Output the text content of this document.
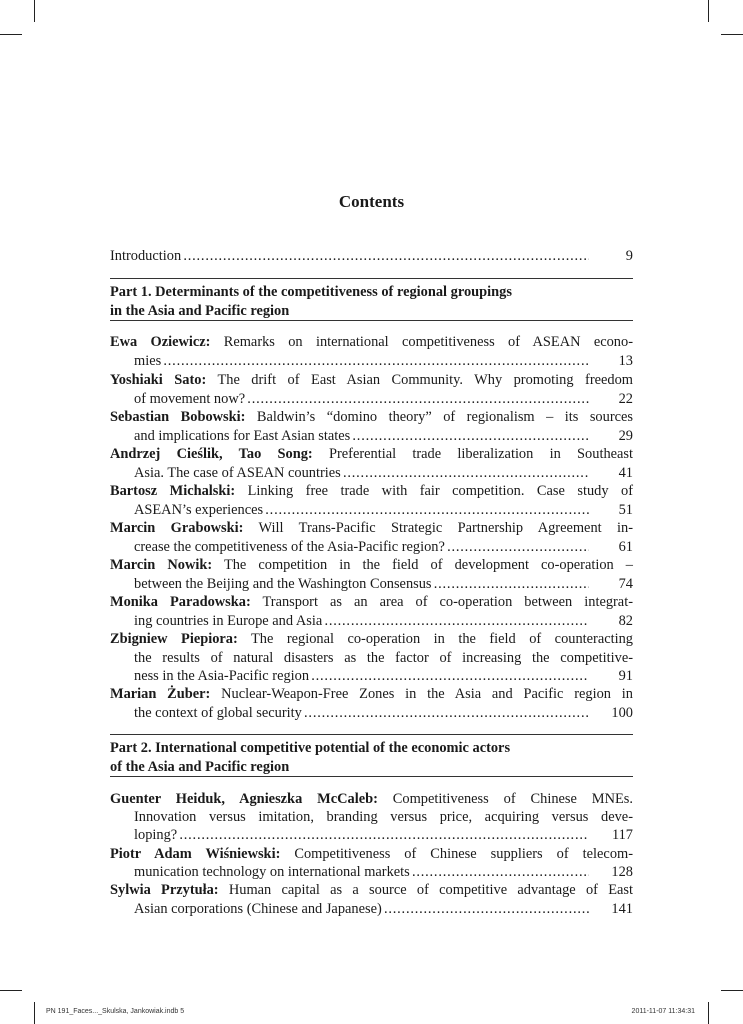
Contents
Introduction . . .	9
Part 1. Determinants of the competitiveness of regional groupings
in the Asia and Pacific region
Ewa Oziewicz: Remarks on international competitiveness of ASEAN econo-
mies . . .	13
Yoshiaki Sato: The drift of East Asian Community. Why promoting freedom
of movement now? . . .	22
Sebastian Bobowski: Baldwin’s “domino theory” of regionalism – its sources
and implications for East Asian states . . .	29
Andrzej Cieślik, Tao Song: Preferential trade liberalization in Southeast
Asia. The case of ASEAN countries . . .	41
Bartosz Michalski: Linking free trade with fair competition. Case study of
ASEAN’s experiences . . .	51
Marcin Grabowski: Will Trans-Pacific Strategic Partnership Agreement in-
crease the competitiveness of the Asia-Pacific region? . . .	61
Marcin Nowik: The competition in the field of development co-operation –
between the Beijing and the Washington Consensus . . .	74
Monika Paradowska: Transport as an area of co-operation between integrat-
ing countries in Europe and Asia . . .	82
Zbigniew Piepiora: The regional co-operation in the field of counteracting
the results of natural disasters as the factor of increasing the competitive-
ness in the Asia-Pacific region . . .	91
Marian Żuber: Nuclear-Weapon-Free Zones in the Asia and Pacific region in
the context of global security . . .	100
Part 2. International competitive potential of the economic actors
of the Asia and Pacific region
Guenter Heiduk, Agnieszka McCaleb: Competitiveness of Chinese MNEs.
Innovation versus imitation, branding versus price, acquiring versus deve-
loping? . . .	117
Piotr Adam Wiśniewski: Competitiveness of Chinese suppliers of telecom-
munication technology on international markets . . .	128
Sylwia Przytuła: Human capital as a source of competitive advantage of East
Asian corporations (Chinese and Japanese) . . .	141
PN 191_Faces..._Skulska, Jankowiak.indb 5	2011-11-07 11:34:31
